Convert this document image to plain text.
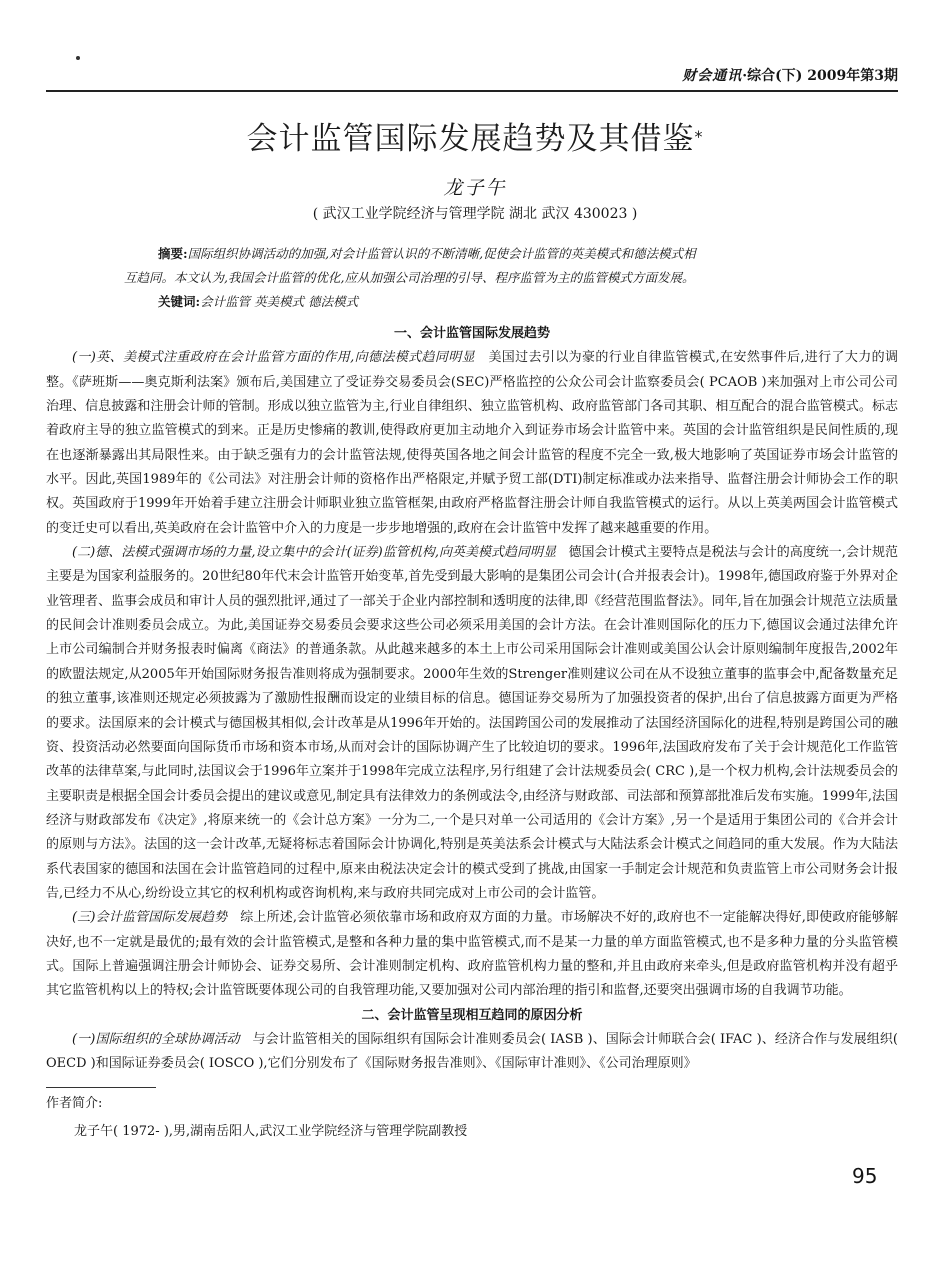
财会通讯·综合(下) 2009年第3期
会计监管国际发展趋势及其借鉴*
龙子午
( 武汉工业学院经济与管理学院 湖北 武汉 430023 )

摘要:国际组织协调活动的加强,对会计监管认识的不断清晰,促使会计监管的英美模式和德法模式相

互趋同。本文认为,我国会计监管的优化,应从加强公司治理的引导、程序监管为主的监管模式方面发展。

关键词:会计监管 英美模式 德法模式

一、会计监管国际发展趋势

(一)英、美模式注重政府在会计监管方面的作用,向德法模式趋同明显 美国过去引以为豪的行业自律监管模式,在安然事件后,进行了大力的调整。《萨班斯——奥克斯利法案》颁布后,美国建立了受证券交易委员会(SEC)严格监控的公众公司会计监察委员会( PCAOB )来加强对上市公司公司治理、信息披露和注册会计师的管制。形成以独立监管为主,行业自律组织、独立监管机构、政府监管部门各司其职、相互配合的混合监管模式。标志着政府主导的独立监管模式的到来。正是历史惨痛的教训,使得政府更加主动地介入到证券市场会计监管中来。英国的会计监管组织是民间性质的,现在也逐渐暴露出其局限性来。由于缺乏强有力的会计监管法规,使得英国各地之间会计监管的程度不完全一致,极大地影响了英国证券市场会计监管的水平。因此,英国1989年的《公司法》对注册会计师的资格作出严格限定,并赋予贸工部(DTI)制定标准或办法来指导、监督注册会计师协会工作的职权。英国政府于1999年开始着手建立注册会计师职业独立监管框架,由政府严格监督注册会计师自我监管模式的运行。从以上英美两国会计监管模式的变迁史可以看出,英美政府在会计监管中介入的力度是一步步地增强的,政府在会计监管中发挥了越来越重要的作用。

(二)德、法模式强调市场的力量,设立集中的会计(证券)监管机构,向英美模式趋同明显 德国会计模式主要特点是税法与会计的高度统一,会计规范主要是为国家利益服务的。20世纪80年代末会计监管开始变革,首先受到最大影响的是集团公司会计(合并报表会计)。1998年,德国政府鉴于外界对企业管理者、监事会成员和审计人员的强烈批评,通过了一部关于企业内部控制和透明度的法律,即《经营范围监督法》。同年,旨在加强会计规范立法质量的民间会计准则委员会成立。为此,美国证券交易委员会要求这些公司必须采用美国的会计方法。在会计准则国际化的压力下,德国议会通过法律允许上市公司编制合并财务报表时偏离《商法》的普通条款。从此越来越多的本土上市公司采用国际会计准则或美国公认会计原则编制年度报告,2002年的欧盟法规定,从2005年开始国际财务报告准则将成为强制要求。2000年生效的Strenger准则建议公司在从不设独立董事的监事会中,配备数量充足的独立董事,该准则还规定必须披露为了激励性报酬而设定的业绩目标的信息。德国证券交易所为了加强投资者的保护,出台了信息披露方面更为严格的要求。法国原来的会计模式与德国极其相似,会计改革是从1996年开始的。法国跨国公司的发展推动了法国经济国际化的进程,特别是跨国公司的融资、投资活动必然要面向国际货币市场和资本市场,从而对会计的国际协调产生了比较迫切的要求。1996年,法国政府发布了关于会计规范化工作监管改革的法律草案,与此同时,法国议会于1996年立案并于1998年完成立法程序,另行组建了会计法规委员会( CRC ),是一个权力机构,会计法规委员会的主要职责是根据全国会计委员会提出的建议或意见,制定具有法律效力的条例或法令,由经济与财政部、司法部和预算部批准后发布实施。1999年,法国经济与财政部发布《决定》,将原来统一的《会计总方案》一分为二,一个是只对单一公司适用的《会计方案》,另一个是适用于集团公司的《合并会计的原则与方法》。法国的这一会计改革,无疑将标志着国际会计协调化,特别是英美法系会计模式与大陆法系会计模式之间趋同的重大发展。作为大陆法系代表国家的德国和法国在会计监管趋同的过程中,原来由税法决定会计的模式受到了挑战,由国家一手制定会计规范和负责监管上市公司财务会计报告,已经力不从心,纷纷设立其它的权利机构或咨询机构,来与政府共同完成对上市公司的会计监管。

(三)会计监管国际发展趋势 综上所述,会计监管必须依靠市场和政府双方面的力量。市场解决不好的,政府也不一定能解决得好,即使政府能够解决好,也不一定就是最优的;最有效的会计监管模式,是整和各种力量的集中监管模式,而不是某一力量的单方面监管模式,也不是多种力量的分头监管模式。国际上普遍强调注册会计师协会、证券交易所、会计准则制定机构、政府监管机构力量的整和,并且由政府来牵头,但是政府监管机构并没有超乎其它监管机构以上的特权;会计监管既要体现公司的自我管理功能,又要加强对公司内部治理的指引和监督,还要突出强调市场的自我调节功能。

二、会计监管呈现相互趋同的原因分析

(一)国际组织的全球协调活动 与会计监管相关的国际组织有国际会计准则委员会( IASB )、国际会计师联合会( IFAC )、经济合作与发展组织( OECD )和国际证券委员会( IOSCO ),它们分别发布了《国际财务报告准则》、《国际审计准则》、《公司治理原则》

作者简介:
龙子午( 1972- ),男,湖南岳阳人,武汉工业学院经济与管理学院副教授
95
